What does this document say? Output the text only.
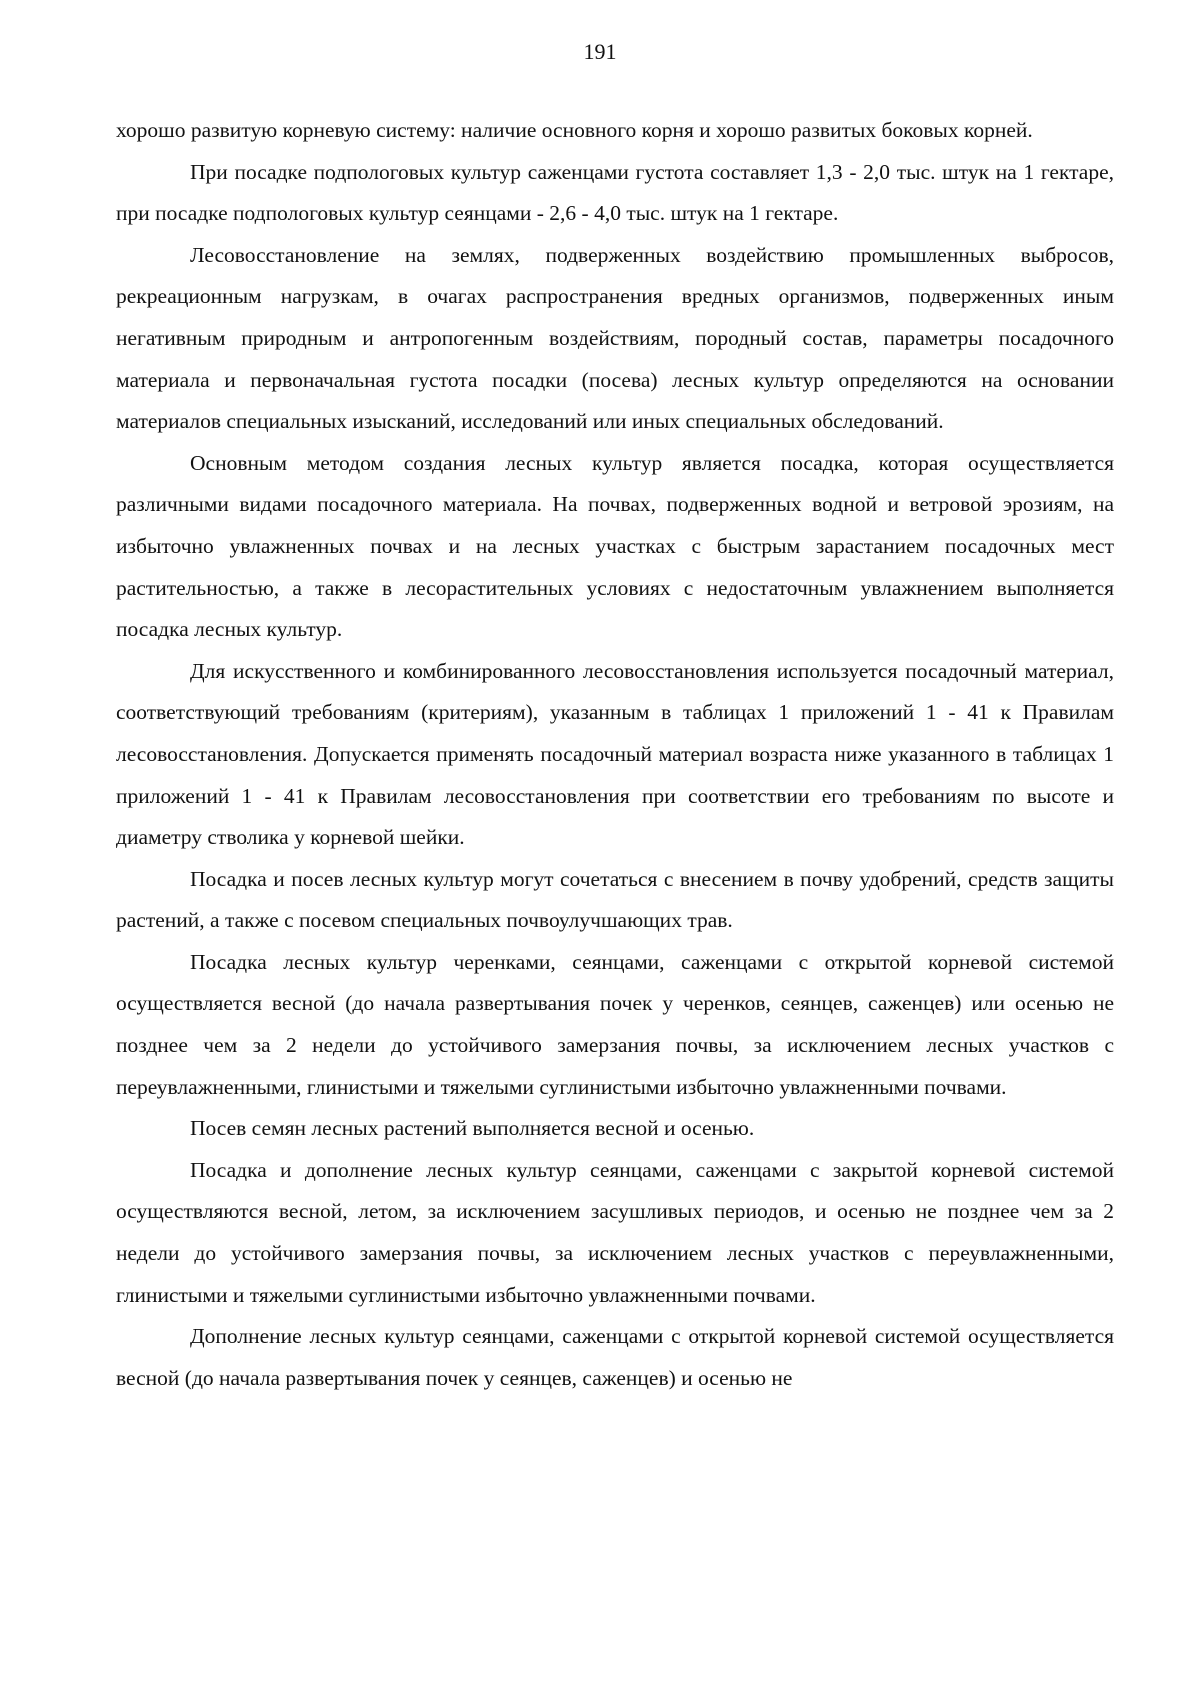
191

хорошо развитую корневую систему: наличие основного корня и хорошо развитых боковых корней.

При посадке подпологовых культур саженцами густота составляет 1,3 - 2,0 тыс. штук на 1 гектаре, при посадке подпологовых культур сеянцами - 2,6 - 4,0 тыс. штук на 1 гектаре.

Лесовосстановление на землях, подверженных воздействию промышленных выбросов, рекреационным нагрузкам, в очагах распространения вредных организмов, подверженных иным негативным природным и антропогенным воздействиям, породный состав, параметры посадочного материала и первоначальная густота посадки (посева) лесных культур определяются на основании материалов специальных изысканий, исследований или иных специальных обследований.

Основным методом создания лесных культур является посадка, которая осуществляется различными видами посадочного материала. На почвах, подверженных водной и ветровой эрозиям, на избыточно увлажненных почвах и на лесных участках с быстрым зарастанием посадочных мест растительностью, а также в лесорастительных условиях с недостаточным увлажнением выполняется посадка лесных культур.

Для искусственного и комбинированного лесовосстановления используется посадочный материал, соответствующий требованиям (критериям), указанным в таблицах 1 приложений 1 - 41 к Правилам лесовосстановления. Допускается применять посадочный материал возраста ниже указанного в таблицах 1 приложений 1 - 41 к Правилам лесовосстановления при соответствии его требованиям по высоте и диаметру стволика у корневой шейки.

Посадка и посев лесных культур могут сочетаться с внесением в почву удобрений, средств защиты растений, а также с посевом специальных почвоулучшающих трав.

Посадка лесных культур черенками, сеянцами, саженцами с открытой корневой системой осуществляется весной (до начала развертывания почек у черенков, сеянцев, саженцев) или осенью не позднее чем за 2 недели до устойчивого замерзания почвы, за исключением лесных участков с переувлажненными, глинистыми и тяжелыми суглинистыми избыточно увлажненными почвами.

Посев семян лесных растений выполняется весной и осенью.

Посадка и дополнение лесных культур сеянцами, саженцами с закрытой корневой системой осуществляются весной, летом, за исключением засушливых периодов, и осенью не позднее чем за 2 недели до устойчивого замерзания почвы, за исключением лесных участков с переувлажненными, глинистыми и тяжелыми суглинистыми избыточно увлажненными почвами.

Дополнение лесных культур сеянцами, саженцами с открытой корневой системой осуществляется весной (до начала развертывания почек у сеянцев, саженцев) и осенью не
